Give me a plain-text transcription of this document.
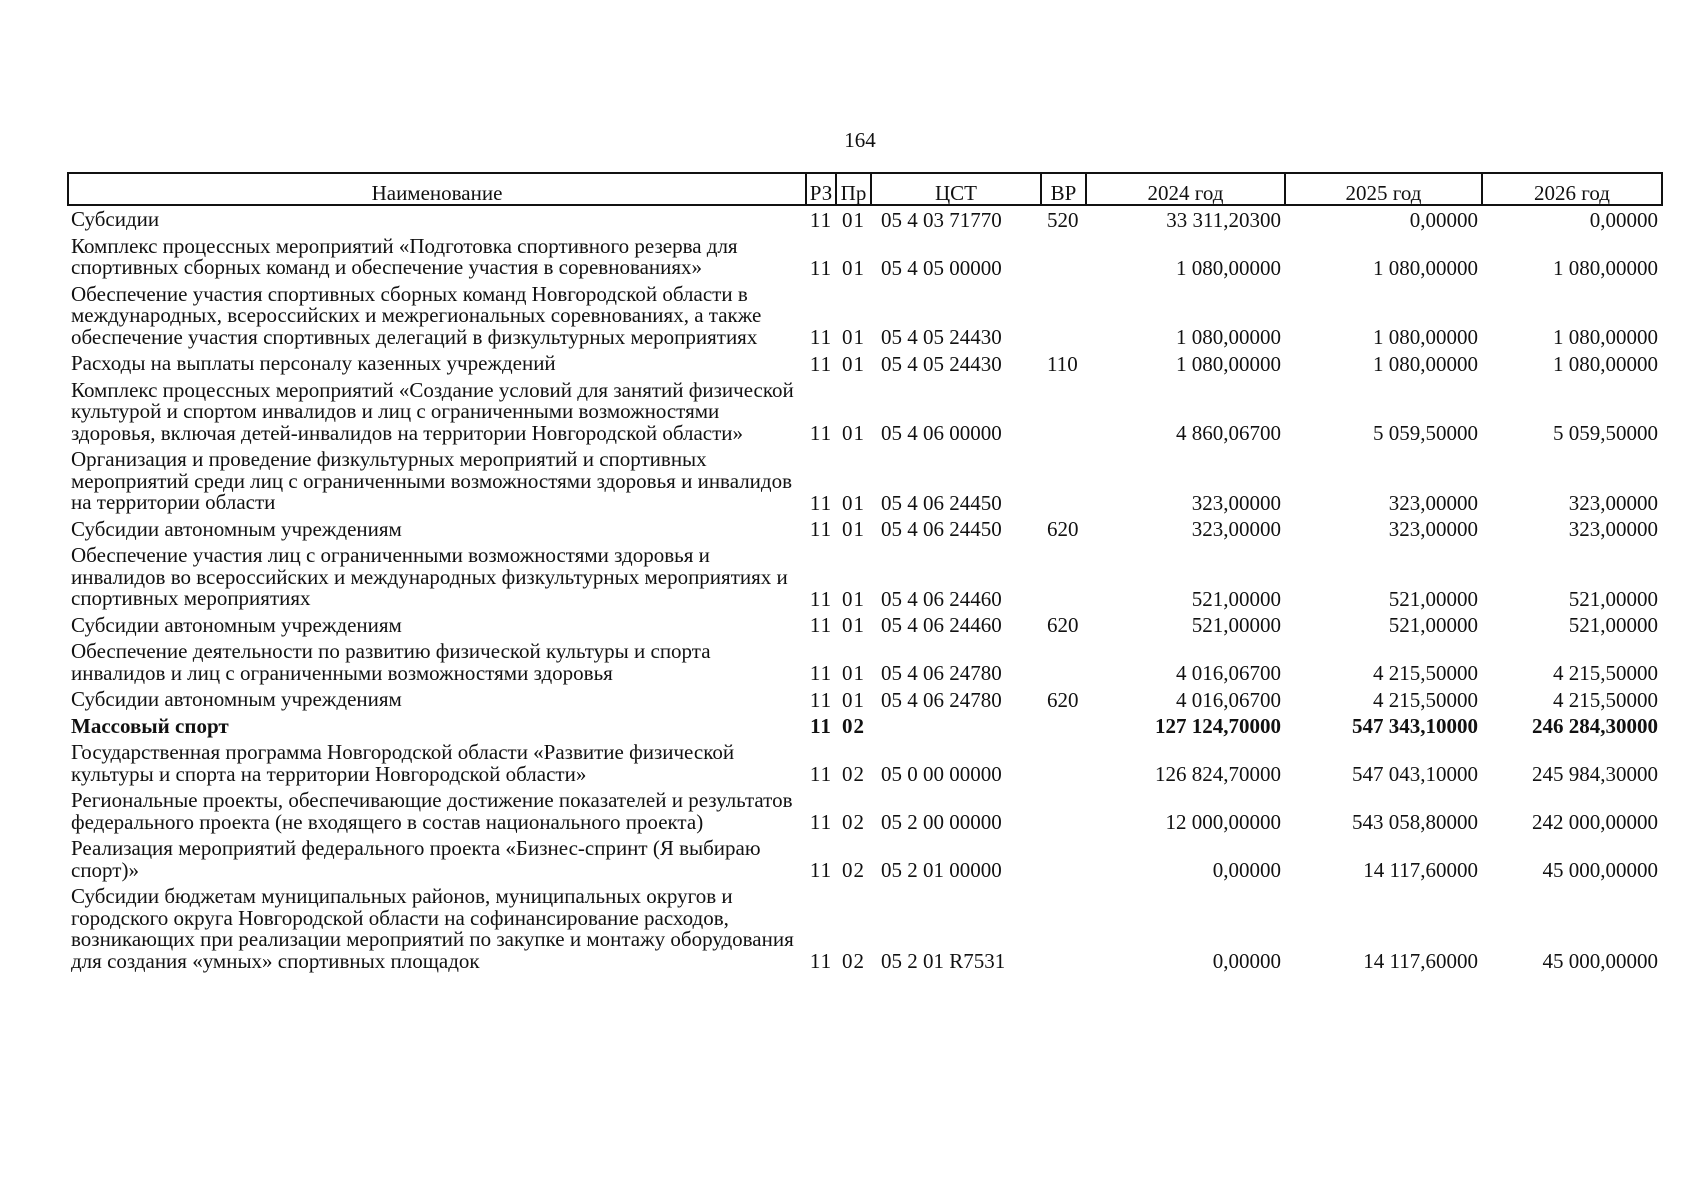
164
Наименование	РЗ	Пр	ЦСТ	ВР	2024 год	2025 год	2026 год
Субсидии	11	01	05 4 03 71770	520	33 311,20300	0,00000	0,00000
Комплекс процессных мероприятий «Подготовка спортивного резерва для спортивных сборных команд и обеспечение участия в соревнованиях»	11	01	05 4 05 00000		1 080,00000	1 080,00000	1 080,00000
Обеспечение участия спортивных сборных команд Новгородской области в международных, всероссийских и межрегиональных соревнованиях, а также обеспечение участия спортивных делегаций в физкультурных мероприятиях	11	01	05 4 05 24430		1 080,00000	1 080,00000	1 080,00000
Расходы на выплаты персоналу казенных учреждений	11	01	05 4 05 24430	110	1 080,00000	1 080,00000	1 080,00000
Комплекс процессных мероприятий «Создание условий для занятий физической культурой и спортом инвалидов и лиц с ограниченными возможностями здоровья, включая детей-инвалидов на территории Новгородской области»	11	01	05 4 06 00000		4 860,06700	5 059,50000	5 059,50000
Организация и проведение физкультурных мероприятий и спортивных мероприятий среди лиц с ограниченными возможностями здоровья и инвалидов на территории области	11	01	05 4 06 24450		323,00000	323,00000	323,00000
Субсидии автономным учреждениям	11	01	05 4 06 24450	620	323,00000	323,00000	323,00000
Обеспечение участия лиц с ограниченными возможностями здоровья и инвалидов во всероссийских и международных физкультурных мероприятиях и спортивных мероприятиях	11	01	05 4 06 24460		521,00000	521,00000	521,00000
Субсидии автономным учреждениям	11	01	05 4 06 24460	620	521,00000	521,00000	521,00000
Обеспечение деятельности по развитию физической культуры и спорта инвалидов и лиц с ограниченными возможностями здоровья	11	01	05 4 06 24780		4 016,06700	4 215,50000	4 215,50000
Субсидии автономным учреждениям	11	01	05 4 06 24780	620	4 016,06700	4 215,50000	4 215,50000
Массовый спорт	11	02			127 124,70000	547 343,10000	246 284,30000
Государственная программа Новгородской области «Развитие физической культуры и спорта на территории Новгородской области»	11	02	05 0 00 00000		126 824,70000	547 043,10000	245 984,30000
Региональные проекты, обеспечивающие достижение показателей и результатов федерального проекта (не входящего в состав национального проекта)	11	02	05 2 00 00000		12 000,00000	543 058,80000	242 000,00000
Реализация мероприятий федерального проекта «Бизнес-спринт (Я выбираю спорт)»	11	02	05 2 01 00000		0,00000	14 117,60000	45 000,00000
Субсидии бюджетам муниципальных районов, муниципальных округов и городского округа Новгородской области на софинансирование расходов, возникающих при реализации мероприятий по закупке и монтажу оборудования для создания «умных» спортивных площадок	11	02	05 2 01 R7531		0,00000	14 117,60000	45 000,00000
